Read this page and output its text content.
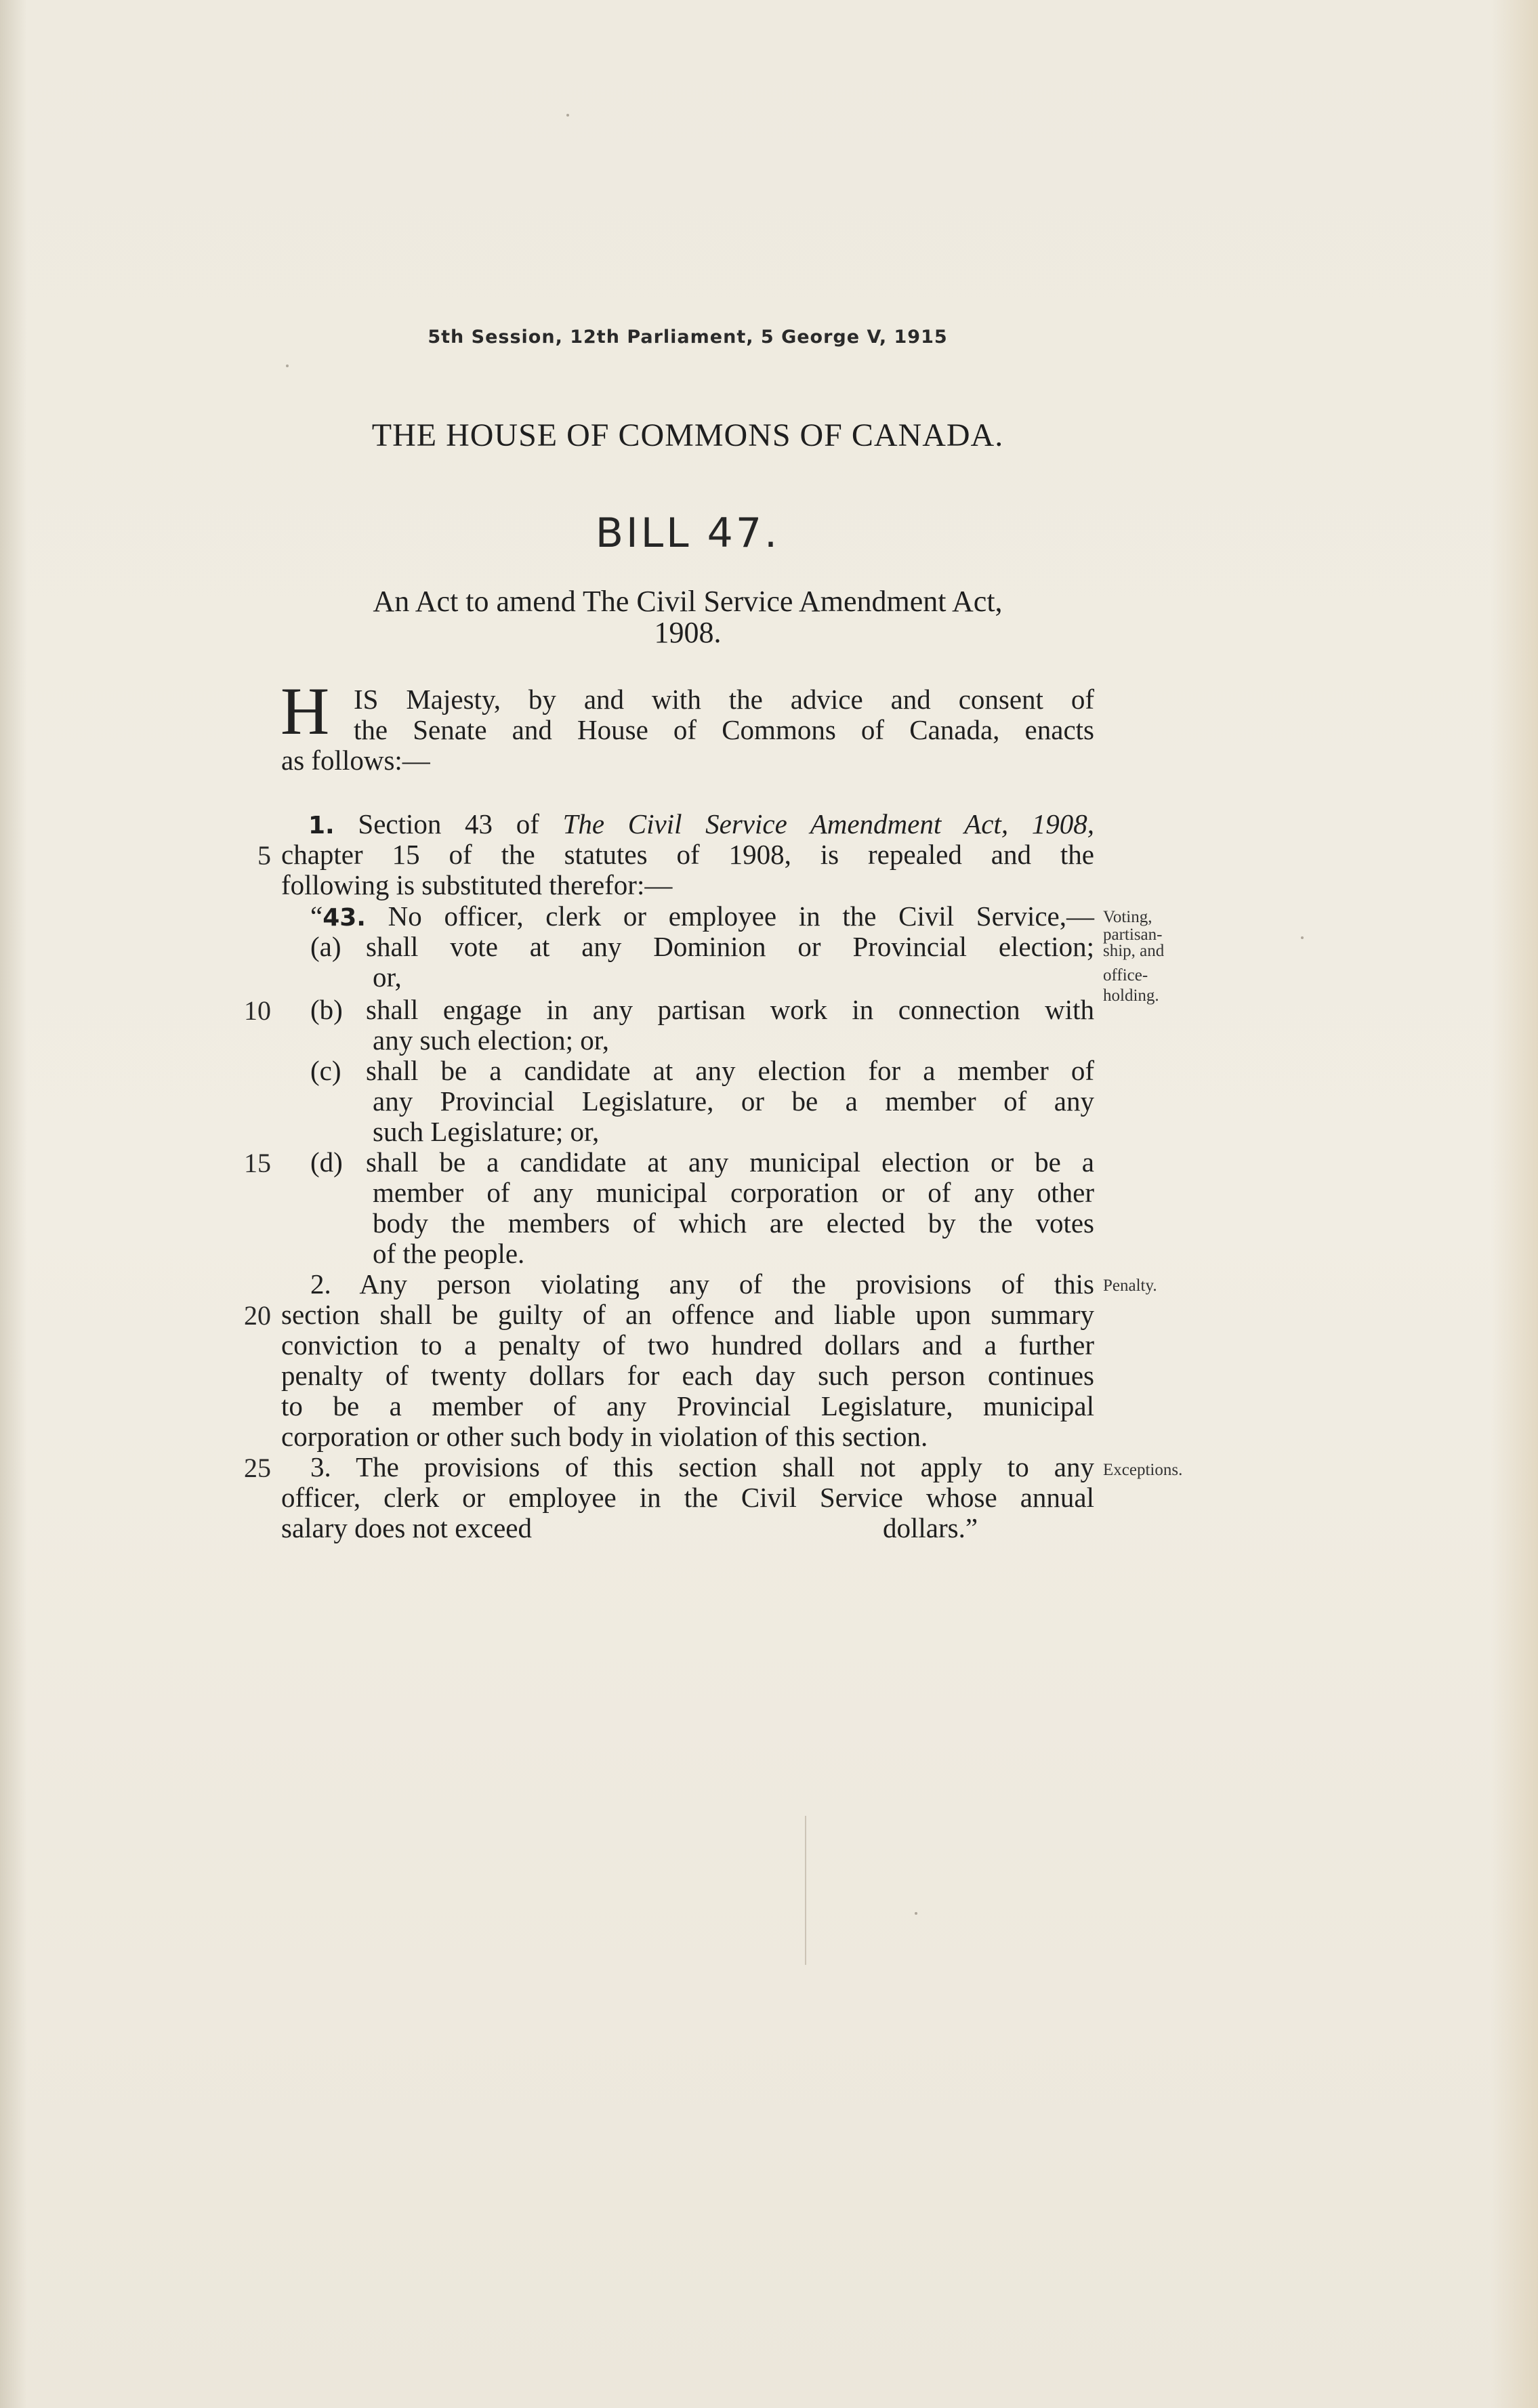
5th Session, 12th Parliament, 5 George V, 1915
THE HOUSE OF COMMONS OF CANADA.
BILL 47.
An Act to amend The Civil Service Amendment Act,
1908.
H IS Majesty, by and with the advice and consent of
the Senate and House of Commons of Canada, enacts
as follows:—
1. Section 43 of The Civil Service Amendment Act, 1908,
chapter 15 of the statutes of 1908, is repealed and the
following is substituted therefor:—
“43. No officer, clerk or employee in the Civil Service,—
(a) shall vote at any Dominion or Provincial election;
or,
(b) shall engage in any partisan work in connection with
any such election; or,
(c) shall be a candidate at any election for a member of
any Provincial Legislature, or be a member of any
such Legislature; or,
(d) shall be a candidate at any municipal election or be a
member of any municipal corporation or of any other
body the members of which are elected by the votes
of the people.
2. Any person violating any of the provisions of this
section shall be guilty of an offence and liable upon summary
conviction to a penalty of two hundred dollars and a further
penalty of twenty dollars for each day such person continues
to be a member of any Provincial Legislature, municipal
corporation or other such body in violation of this section.
3. The provisions of this section shall not apply to any
officer, clerk or employee in the Civil Service whose annual
salary does not exceed	dollars.”
5
10
15
20
25
Voting,
partisan-
ship, and
office-
holding.
Penalty.
Exceptions.
